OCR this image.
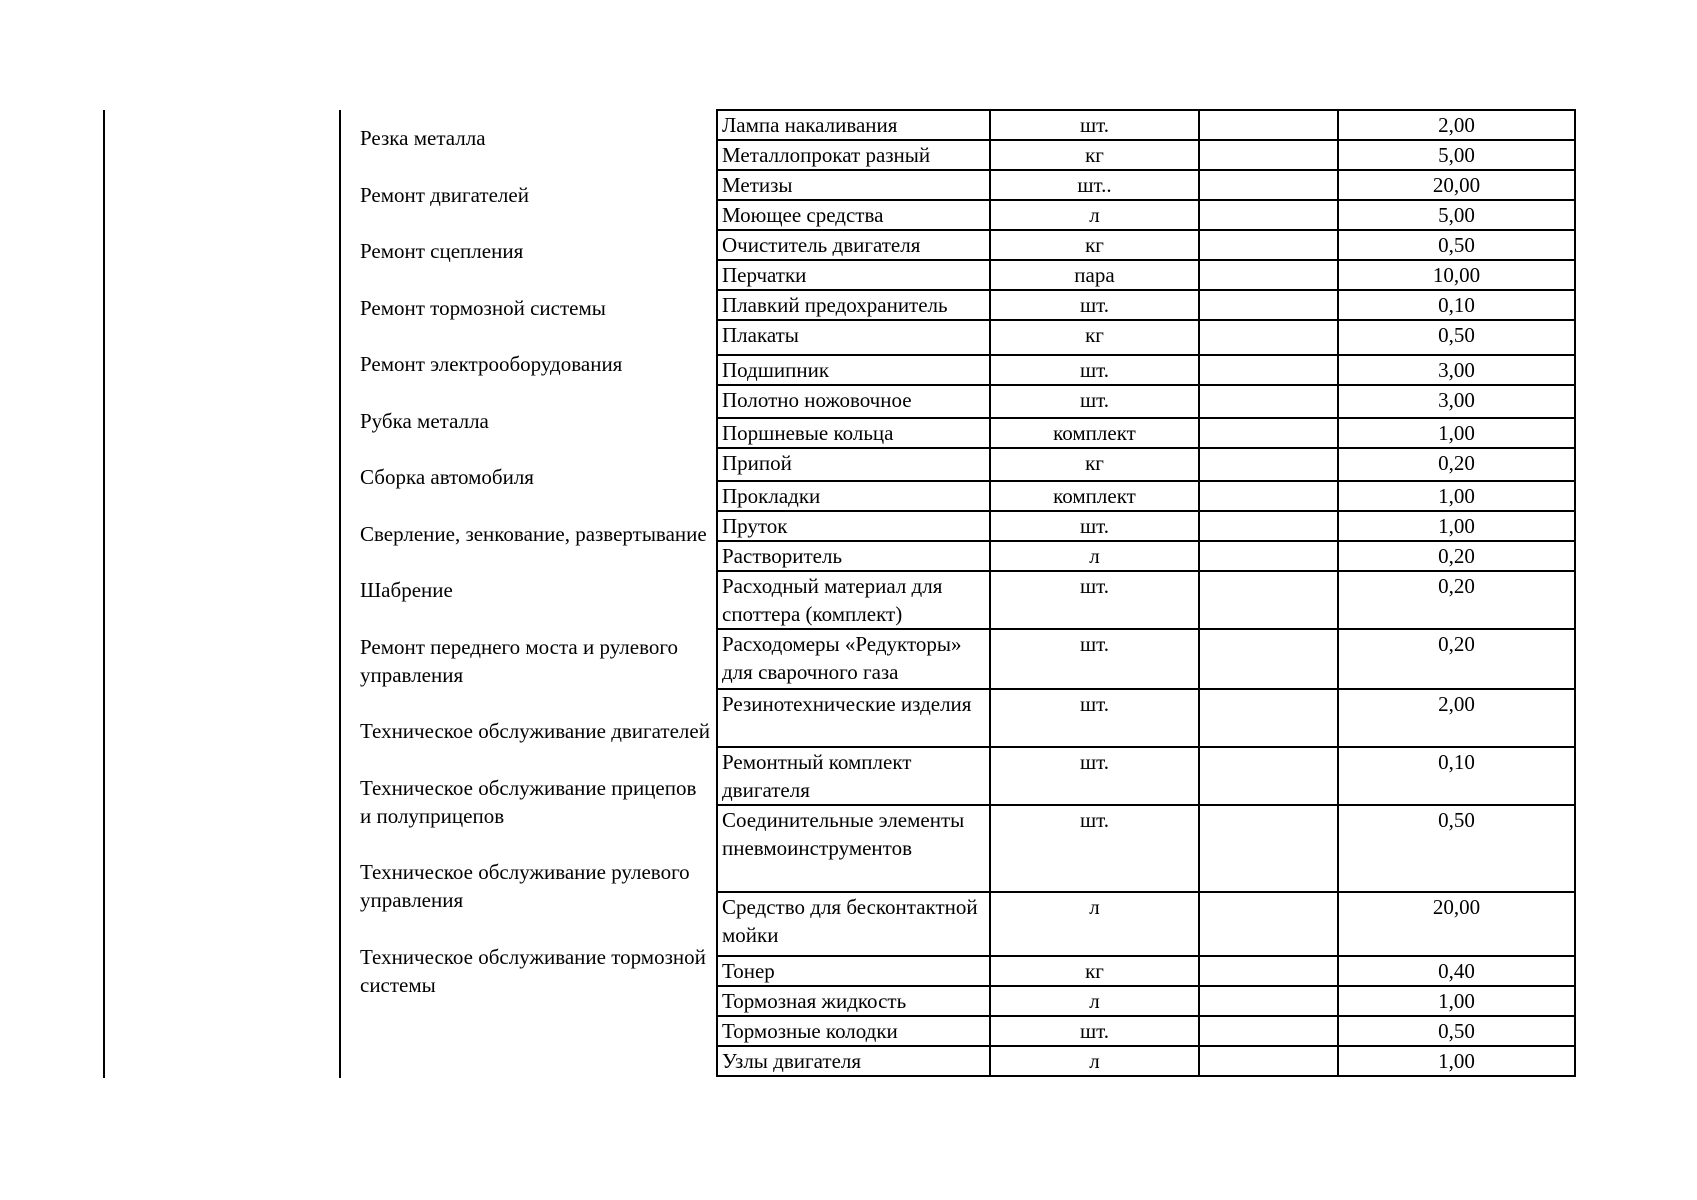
Резка металла
Ремонт двигателей
Ремонт сцепления
Ремонт тормозной системы
Ремонт электрооборудования
Рубка металла
Сборка автомобиля
Сверление, зенкование, развертывание
Шабрение
Ремонт переднего моста и рулевого управления
Техническое обслуживание двигателей
Техническое обслуживание прицепов и полуприцепов
Техническое обслуживание рулевого управления
Техническое обслуживание тормозной системы
Лампа накаливания	шт.		2,00
Металлопрокат разный	кг		5,00
Метизы	шт..		20,00
Моющее средства	л		5,00
Очиститель двигателя	кг		0,50
Перчатки	пара		10,00
Плавкий предохранитель	шт.		0,10
Плакаты	кг		0,50
Подшипник	шт.		3,00
Полотно ножовочное	шт.		3,00
Поршневые кольца	комплект		1,00
Припой	кг		0,20
Прокладки	комплект		1,00
Пруток	шт.		1,00
Растворитель	л		0,20
Расходный материал для споттера (комплект)	шт.		0,20
Расходомеры «Редукторы» для сварочного газа	шт.		0,20
Резинотехнические изделия	шт.		2,00
Ремонтный комплект двигателя	шт.		0,10
Соединительные элементы пневмоинструментов	шт.		0,50
Средство для бесконтактной мойки	л		20,00
Тонер	кг		0,40
Тормозная жидкость	л		1,00
Тормозные колодки	шт.		0,50
Узлы двигателя	л		1,00
